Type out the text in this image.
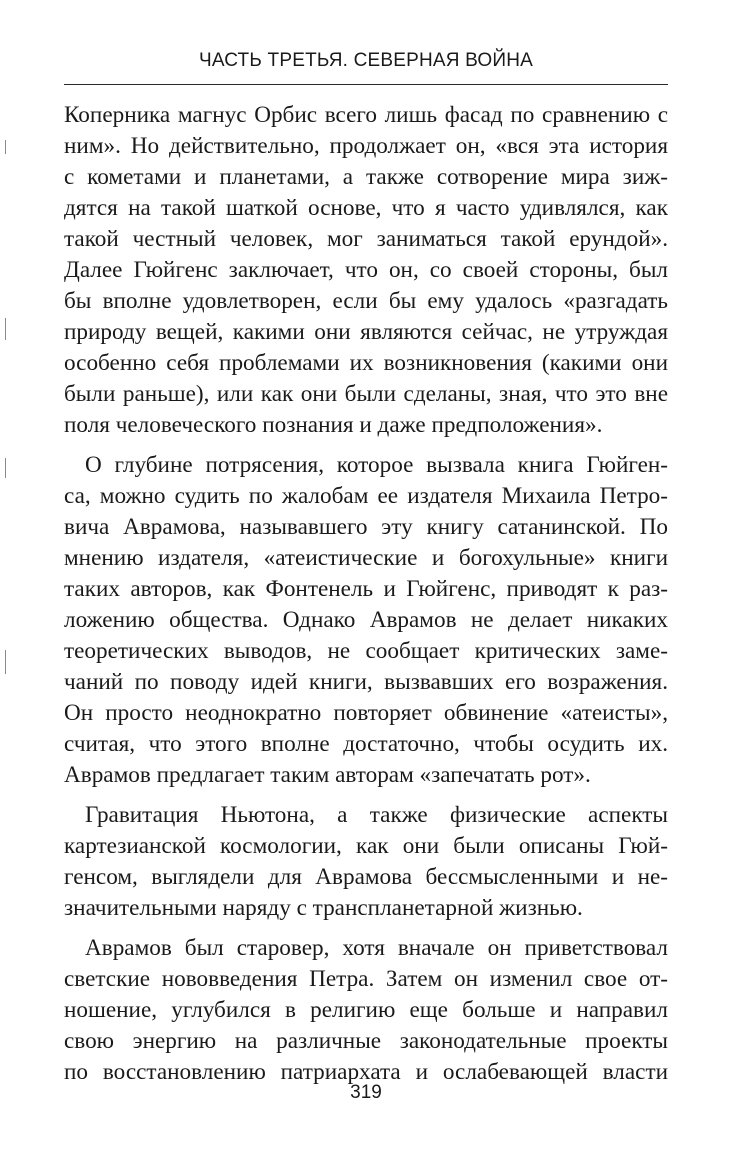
ЧАСТЬ ТРЕТЬЯ. СЕВЕРНАЯ ВОЙНА
Коперника магнус Орбис всего лишь фасад по сравнению с
ним». Но действительно, продолжает он, «вся эта история
с кометами и планетами, а также сотворение мира зиж-
дятся на такой шаткой основе, что я часто удивлялся, как
такой честный человек, мог заниматься такой ерундой».
Далее Гюйгенс заключает, что он, со своей стороны, был
бы вполне удовлетворен, если бы ему удалось «разгадать
природу вещей, какими они являются сейчас, не утруждая
особенно себя проблемами их возникновения (какими они
были раньше), или как они были сделаны, зная, что это вне
поля человеческого познания и даже предположения».
О глубине потрясения, которое вызвала книга Гюйген-
са, можно судить по жалобам ее издателя Михаила Петро-
вича Аврамова, называвшего эту книгу сатанинской. По
мнению издателя, «атеистические и богохульные» книги
таких авторов, как Фонтенель и Гюйгенс, приводят к раз-
ложению общества. Однако Аврамов не делает никаких
теоретических выводов, не сообщает критических заме-
чаний по поводу идей книги, вызвавших его возражения.
Он просто неоднократно повторяет обвинение «атеисты»,
считая, что этого вполне достаточно, чтобы осудить их.
Аврамов предлагает таким авторам «запечатать рот».
Гравитация Ньютона, а также физические аспекты
картезианской космологии, как они были описаны Гюй-
генсом, выглядели для Аврамова бессмысленными и не-
значительными наряду с транспланетарной жизнью.
Аврамов был старовер, хотя вначале он приветствовал
светские нововведения Петра. Затем он изменил свое от-
ношение, углубился в религию еще больше и направил
свою энергию на различные законодательные проекты
по восстановлению патриархата и ослабевающей власти
319
